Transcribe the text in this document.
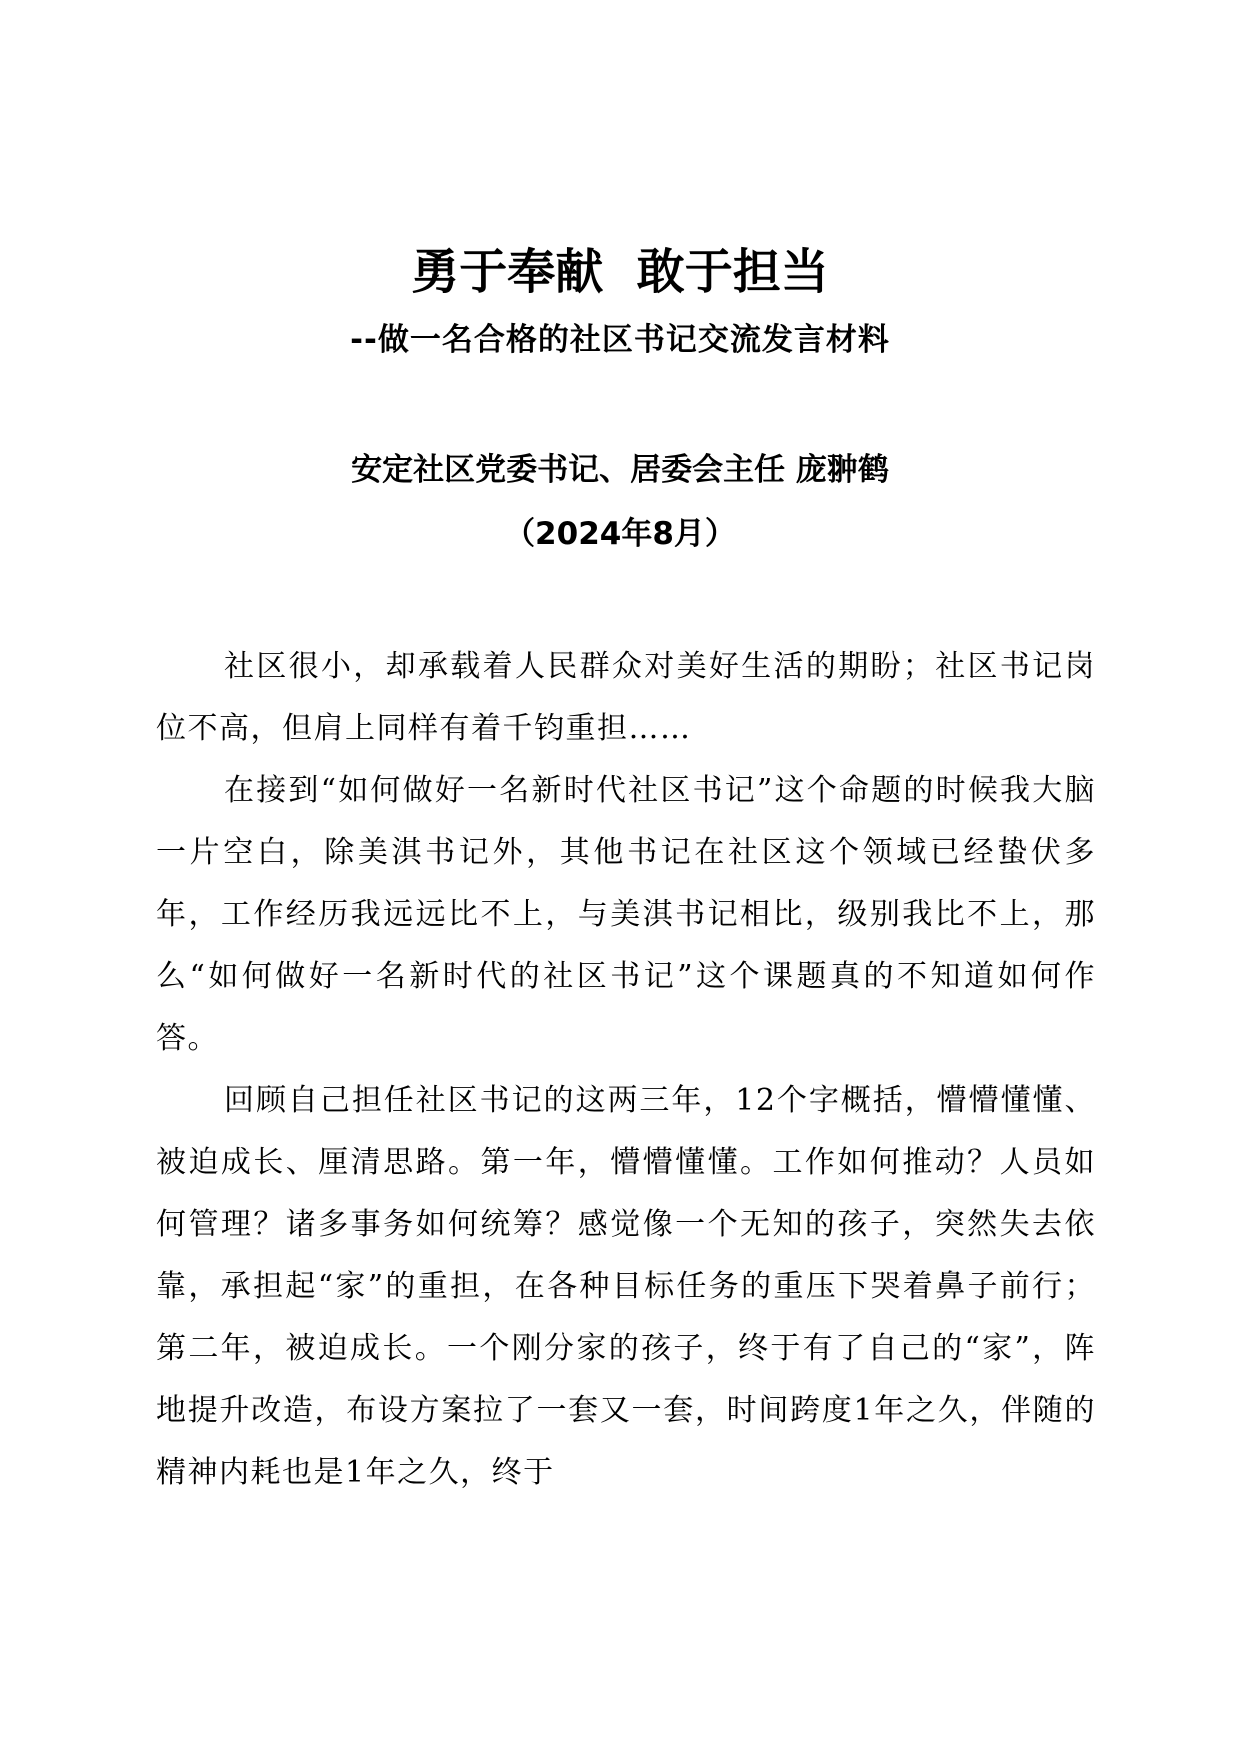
勇于奉献  敢于担当
--做一名合格的社区书记交流发言材料
安定社区党委书记、居委会主任 庞翀鹤
（2024年8月）

社区很小，却承载着人民群众对美好生活的期盼；社区书记岗位不高，但肩上同样有着千钧重担……

在接到“如何做好一名新时代社区书记”这个命题的时候我大脑一片空白，除美淇书记外，其他书记在社区这个领域已经蛰伏多年，工作经历我远远比不上，与美淇书记相比，级别我比不上，那么“如何做好一名新时代的社区书记”这个课题真的不知道如何作答。

回顾自己担任社区书记的这两三年，12个字概括，懵懵懂懂、被迫成长、厘清思路。第一年，懵懵懂懂。工作如何推动？人员如何管理？诸多事务如何统筹？感觉像一个无知的孩子，突然失去依靠，承担起“家”的重担，在各种目标任务的重压下哭着鼻子前行；第二年，被迫成长。一个刚分家的孩子，终于有了自己的“家”，阵地提升改造，布设方案拉了一套又一套，时间跨度1年之久，伴随的精神内耗也是1年之久，终于
